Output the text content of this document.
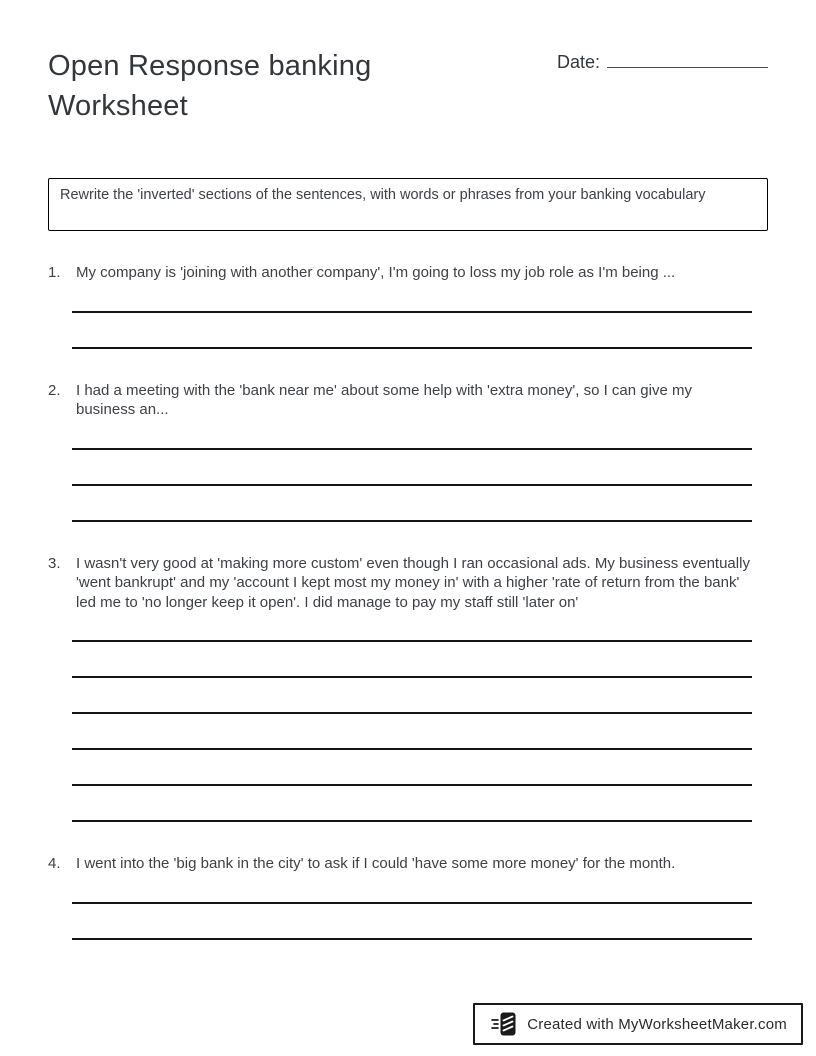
Open Response banking Worksheet
Date:

Rewrite the 'inverted' sections of the sentences, with words or phrases from your banking vocabulary

1.	My company is 'joining with another company', I'm going to loss my job role as I'm being ...
2.	I had a meeting with the 'bank near me' about some help with 'extra money', so I can give my business an...
3.	I wasn't very good at 'making more custom' even though I ran occasional ads. My business eventually 'went bankrupt' and my 'account I kept most my money in' with a higher 'rate of return from the bank' led me to 'no longer keep it open'. I did manage to pay my staff still 'later on'
4.	I went into the 'big bank in the city' to ask if I could 'have some more money' for the month.
Created with MyWorksheetMaker.com
